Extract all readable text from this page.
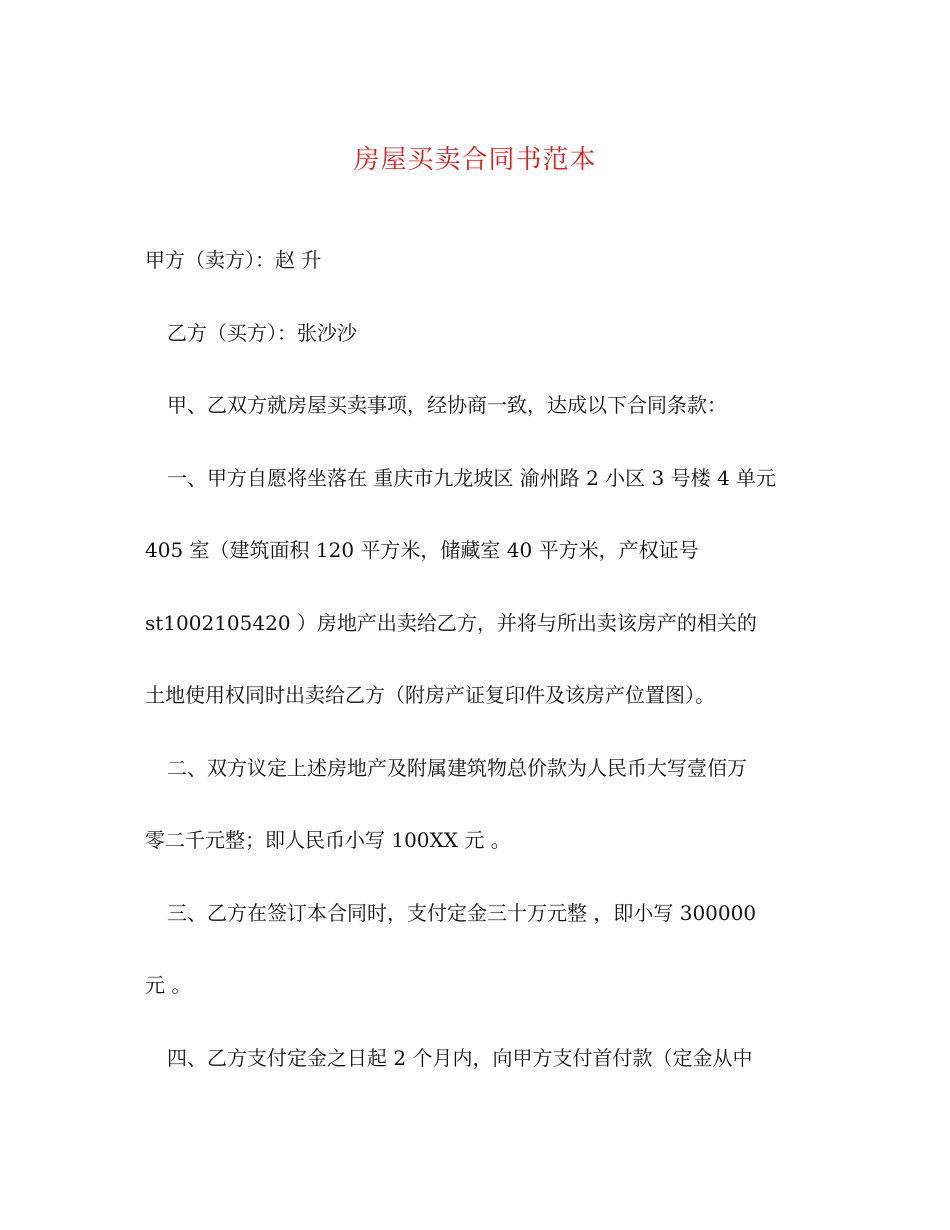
房屋买卖合同书范本
甲方（卖方）：赵 升
乙方（买方）：张沙沙
甲、乙双方就房屋买卖事项，经协商一致，达成以下合同条款：
一、甲方自愿将坐落在 重庆市九龙坡区 渝州路 2 小区 3 号楼 4 单元
405 室（建筑面积 120 平方米，储藏室 40 平方米，产权证号
st1002105420 ）房地产出卖给乙方，并将与所出卖该房产的相关的
土地使用权同时出卖给乙方（附房产证复印件及该房产位置图）。
二、双方议定上述房地产及附属建筑物总价款为人民币大写壹佰万
零二千元整；即人民币小写 100XX 元 。
三、乙方在签订本合同时，支付定金三十万元整 ，即小写 300000
元 。
四、乙方支付定金之日起 2 个月内，向甲方支付首付款（定金从中
